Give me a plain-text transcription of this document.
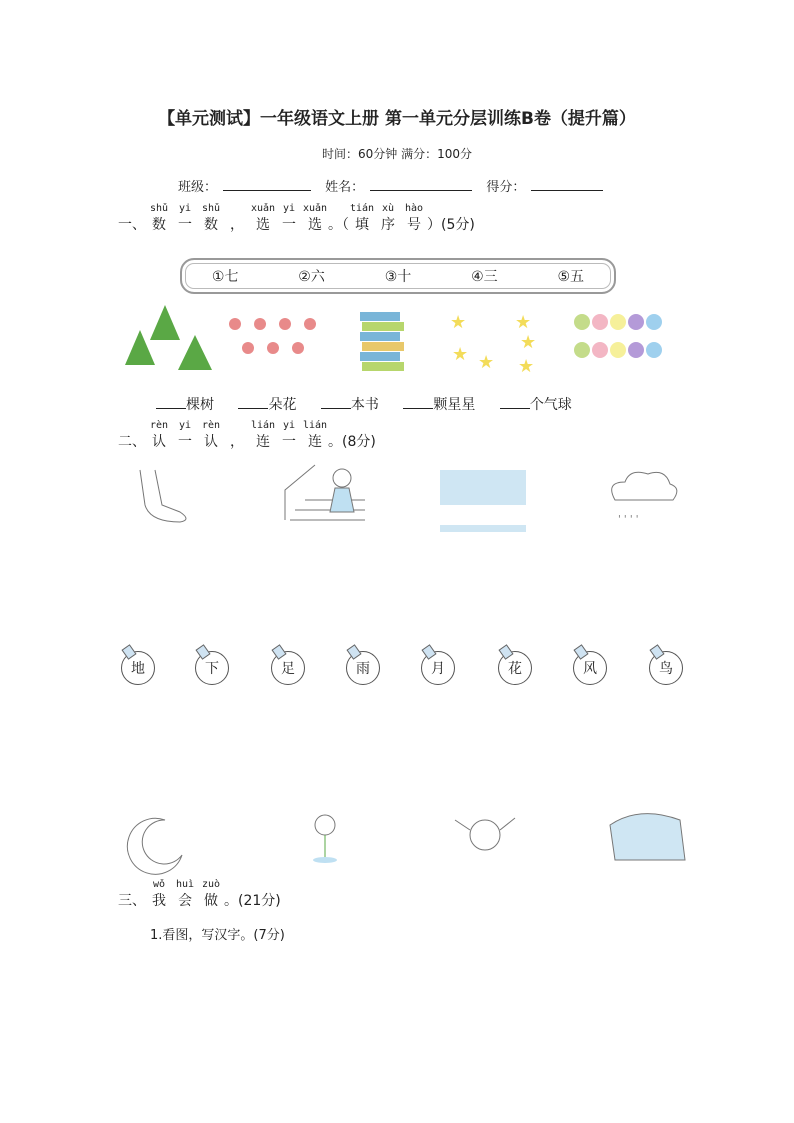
【单元测试】一年级语文上册 第一单元分层训练B卷（提升篇）
时间：60分钟 满分：100分
班级：	姓名：	得分：
一、
shǔ
数
yi
一
shǔ
数 ，
xuǎn
选
yi
一
xuǎn
选 。（
tián
填
xù
序
hào
号 ）(5分)
①七	②六	③十	④三	⑤五
★	★
★ ★
★
★
棵树	朵花	本书	颗星星	个气球
二、
rèn
认
yi
一
rèn
认 ，
lián
连
yi
一
lián
连 。(8分)
' ' ' '
地	下	足	雨	月	花	风	鸟
三、
wǒ
我
huì
会
zuò
做 。(21分)
1.看图，写汉字。(7分)
